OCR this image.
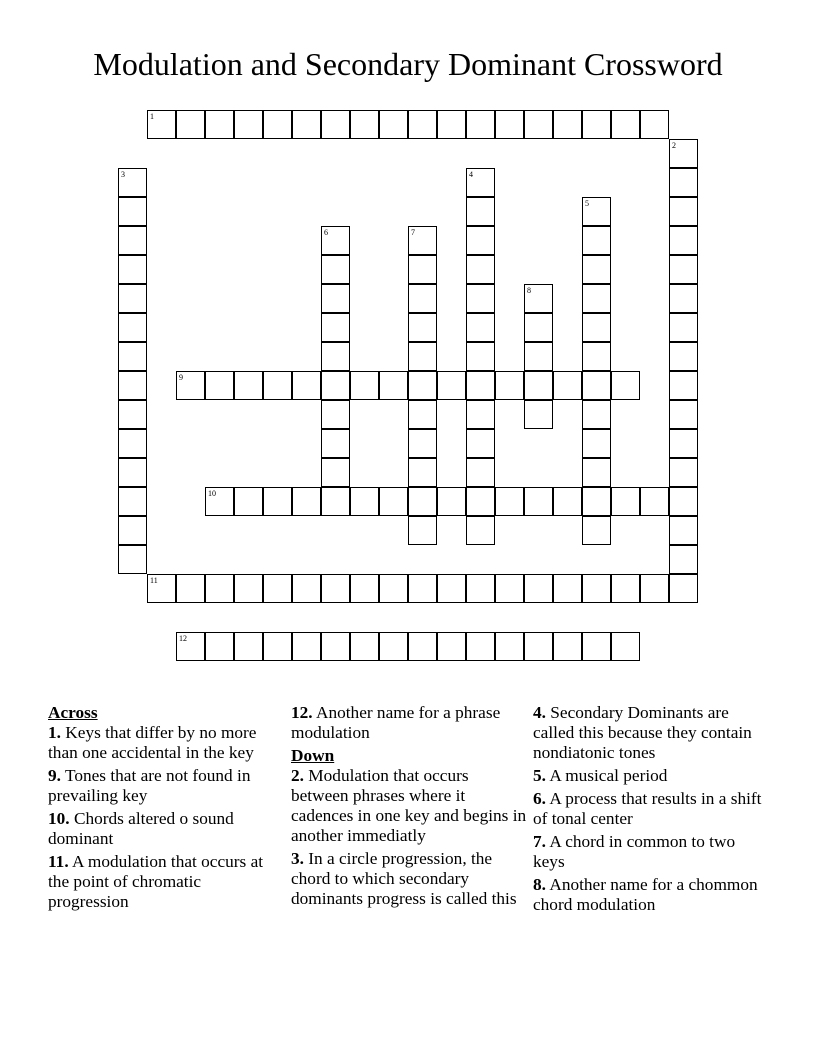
Modulation and Secondary Dominant Crossword
1
2
3	4
5
6	7
8
9
10
11
12
Across
1. Keys that differ by no more than one accidental in the key
9. Tones that are not found in prevailing key
10. Chords altered o sound dominant
11. A modulation that occurs at the point of chromatic progression
12. Another name for a phrase modulation
Down
2. Modulation that occurs between phrases where it cadences in one key and begins in another immediatly
3. In a circle progression, the chord to which secondary dominants progress is called this
4. Secondary Dominants are called this because they contain nondiatonic tones
5. A musical period
6. A process that results in a shift of tonal center
7. A chord in common to two keys
8. Another name for a chommon chord modulation
